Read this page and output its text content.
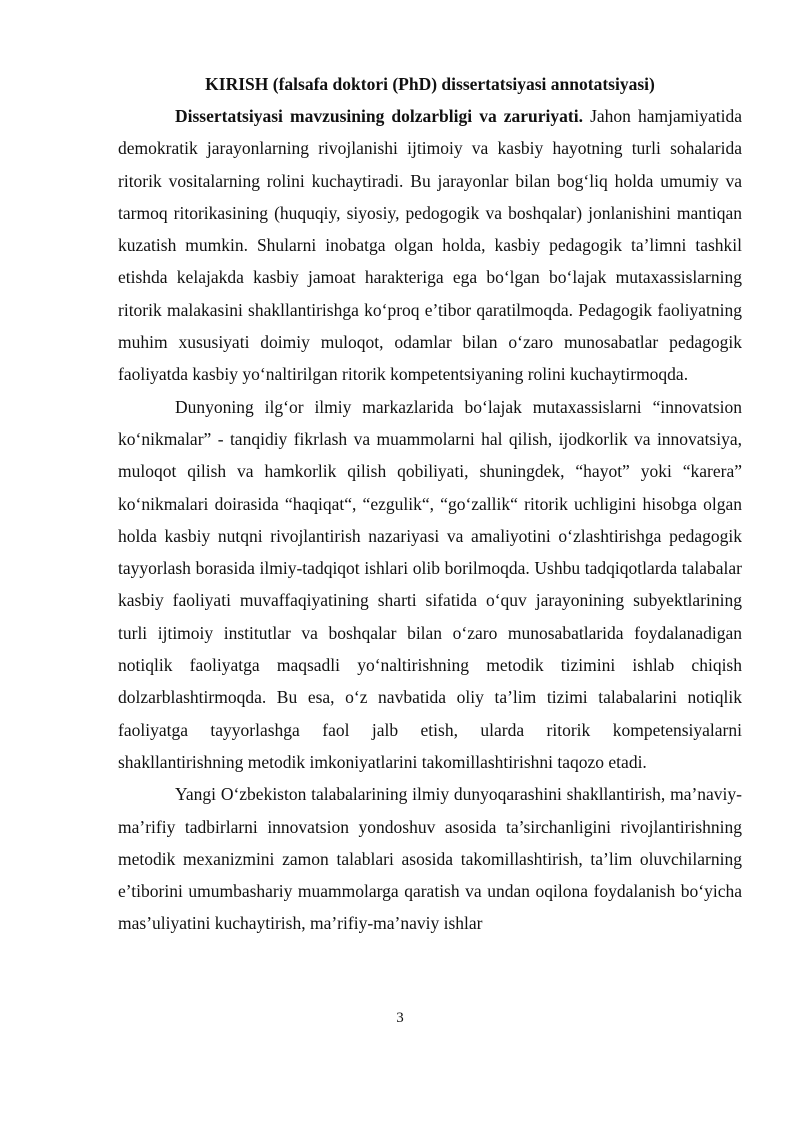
KIRISH (falsafa doktori (PhD) dissertatsiyasi annotatsiyasi)

Dissertatsiyasi mavzusining dolzarbligi va zaruriyati. Jahon hamjamiyatida demokratik jarayonlarning rivojlanishi ijtimoiy va kasbiy hayotning turli sohalarida ritorik vositalarning rolini kuchaytiradi. Bu jarayonlar bilan bog‘liq holda umumiy va tarmoq ritorikasining (huquqiy, siyosiy, pedogogik va boshqalar) jonlanishini mantiqan kuzatish mumkin. Shularni inobatga olgan holda, kasbiy pedagogik ta’limni tashkil etishda kelajakda kasbiy jamoat harakteriga ega bo‘lgan bo‘lajak mutaxassislarning ritorik malakasini shakllantirishga ko‘proq e’tibor qaratilmoqda. Pedagogik faoliyatning muhim xususiyati doimiy muloqot, odamlar bilan o‘zaro munosabatlar pedagogik faoliyatda kasbiy yo‘naltirilgan ritorik kompetentsiyaning rolini kuchaytirmoqda.

Dunyoning ilg‘or ilmiy markazlarida bo‘lajak mutaxassislarni “innovatsion ko‘nikmalar” - tanqidiy fikrlash va muammolarni hal qilish, ijodkorlik va innovatsiya, muloqot qilish va hamkorlik qilish qobiliyati, shuningdek, “hayot” yoki “karera” ko‘nikmalari doirasida “haqiqat“, “ezgulik“, “go‘zallik“ ritorik uchligini hisobga olgan holda kasbiy nutqni rivojlantirish nazariyasi va amaliyotini o‘zlashtirishga pedagogik tayyorlash borasida ilmiy-tadqiqot ishlari olib borilmoqda. Ushbu tadqiqotlarda talabalar kasbiy faoliyati muvaffaqiyatining sharti sifatida o‘quv jarayonining subyektlarining turli ijtimoiy institutlar va boshqalar bilan o‘zaro munosabatlarida foydalanadigan notiqlik faoliyatga maqsadli yo‘naltirishning metodik tizimini ishlab chiqish dolzarblashtirmoqda. Bu esa, o‘z navbatida oliy ta’lim tizimi talabalarini notiqlik faoliyatga tayyorlashga faol jalb etish, ularda ritorik kompetensiyalarni shakllantirishning metodik imkoniyatlarini takomillashtirishni taqozo etadi.

Yangi O‘zbekiston talabalarining ilmiy dunyoqarashini shakllantirish, ma’naviy-ma’rifiy tadbirlarni innovatsion yondoshuv asosida ta’sirchanligini rivojlantirishning metodik mexanizmini zamon talablari asosida takomillashtirish, ta’lim oluvchilarning e’tiborini umumbashariy muammolarga qaratish va undan oqilona foydalanish bo‘yicha mas’uliyatini kuchaytirish, ma’rifiy-ma’naviy ishlar

3
